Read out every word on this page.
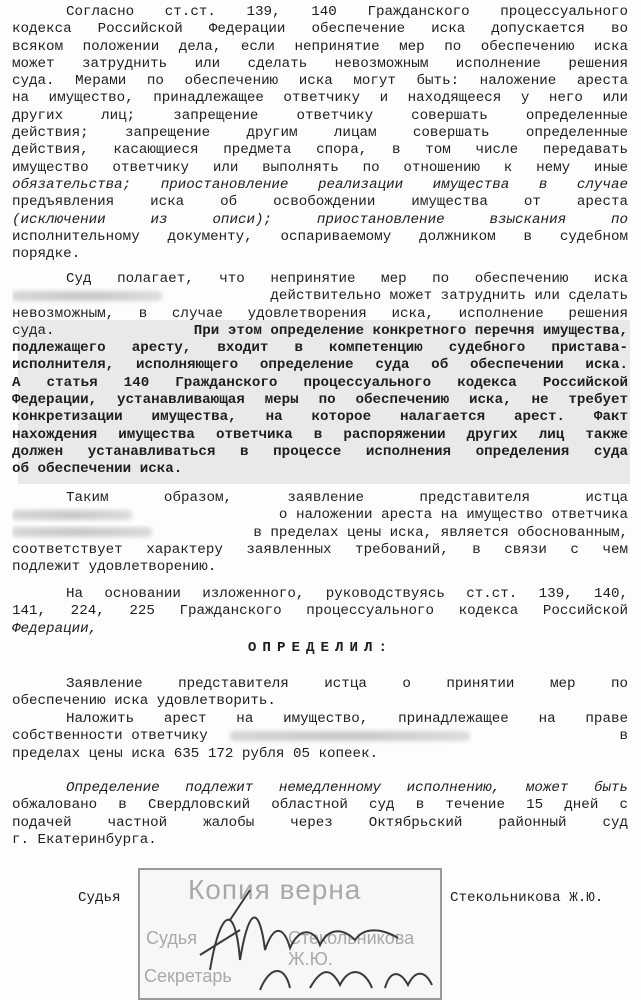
Согласно ст.ст. 139, 140 Гражданского процессуального
кодекса Российской Федерации обеспечение иска допускается во
всяком положении дела, если непринятие мер по обеспечению иска
может затруднить или сделать невозможным исполнение решения
суда. Мерами по обеспечению иска могут быть: наложение ареста
на имущество, принадлежащее ответчику и находящееся у него или
других лиц; запрещение ответчику совершать определенные
действия; запрещение другим лицам совершать определенные
действия, касающиеся предмета спора, в том числе передавать
имущество ответчику или выполнять по отношению к нему иные
обязательства; приостановление реализации имущества в случае
предъявления иска об освобождении имущества от ареста
(исключении из описи); приостановление взыскания по
исполнительному документу, оспариваемому должником в судебном
порядке.
Суд полагает, что непринятие мер по обеспечению иска
действительно может затруднить или сделать
невозможным, в случае удовлетворения иска, исполнение решения
суда.	При этом определение конкретного перечня имущества,
подлежащего аресту, входит в компетенцию судебного пристава-
исполнителя, исполняющего определение суда об обеспечении иска.
А статья 140 Гражданского процессуального кодекса Российской
Федерации, устанавливающая меры по обеспечению иска, не требует
конкретизации имущества, на которое налагается арест. Факт
нахождения имущества ответчика в распоряжении других лиц также
должен устанавливаться в процессе исполнения определения суда
об обеспечении иска.
Таким образом, заявление представителя истца
о наложении ареста на имущество ответчика
в пределах цены иска, является обоснованным,
соответствует характеру заявленных требований, в связи с чем
подлежит удовлетворению.
На основании изложенного, руководствуясь ст.ст. 139, 140,
141, 224, 225 Гражданского процессуального кодекса Российской
Федерации,
ОПРЕДЕЛИЛ:
Заявление представителя истца о принятии мер по
обеспечению иска удовлетворить.
Наложить арест на имущество, принадлежащее на праве
собственности ответчику	в
пределах цены иска 635 172 рубля 05 копеек.
Определение подлежит немедленному исполнению, может быть
обжаловано в Свердловский областной суд в течение 15 дней с
подачей частной жалобы через Октябрьский районный суд
г. Екатеринбурга.
Копия верна
Судья	Стекольникова Ж.Ю.
Секретарь
Судья	Стекольникова Ж.Ю.
